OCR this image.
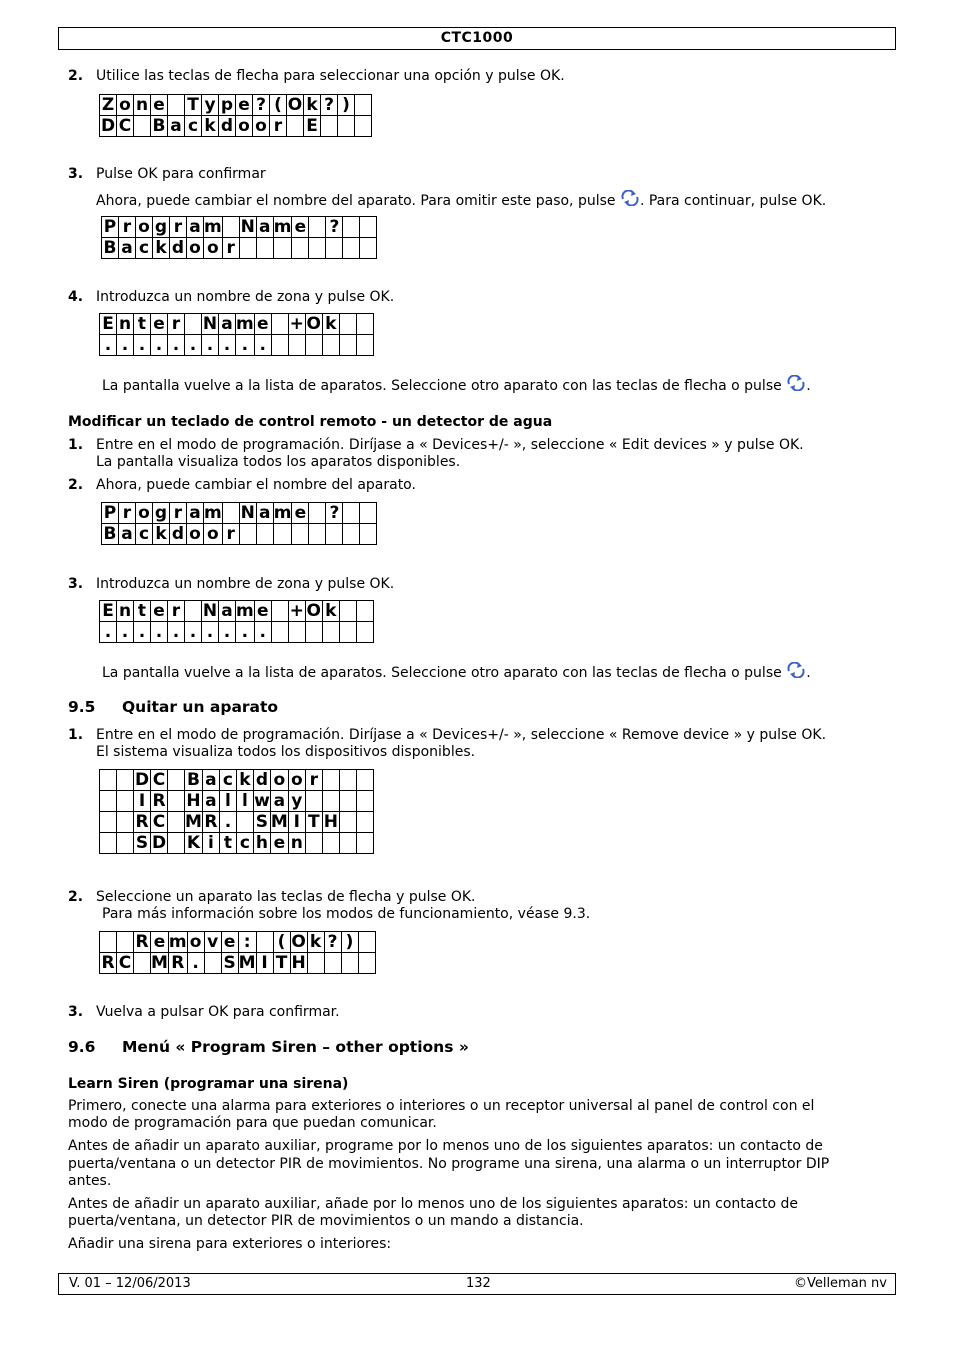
CTC1000
2. Utilice las teclas de flecha para seleccionar una opción y pulse OK.
Z	o	n	e		T	y	p	e	?	(	O	k	?	)	
D	C		B	a	c	k	d	o	o	r		E			
3. Pulse OK para confirmar
Ahora, puede cambiar el nombre del aparato. Para omitir este paso, pulse . Para continuar, pulse OK.
P	r	o	g	r	a	m		N	a	m	e		?		
B	a	c	k	d	o	o	r								
4. Introduzca un nombre de zona y pulse OK.
E	n	t	e	r		N	a	m	e		+	O	k		
.	.	.	.	.	.	.	.	.	.						
La pantalla vuelve a la lista de aparatos. Seleccione otro aparato con las teclas de flecha o pulse .
Modificar un teclado de control remoto - un detector de agua
1. Entre en el modo de programación. Diríjase a « Devices+/- », seleccione « Edit devices » y pulse OK.
La pantalla visualiza todos los aparatos disponibles.
2. Ahora, puede cambiar el nombre del aparato.
P	r	o	g	r	a	m		N	a	m	e		?		
B	a	c	k	d	o	o	r								
3. Introduzca un nombre de zona y pulse OK.
E	n	t	e	r		N	a	m	e		+	O	k		
.	.	.	.	.	.	.	.	.	.						
La pantalla vuelve a la lista de aparatos. Seleccione otro aparato con las teclas de flecha o pulse .
9.5 Quitar un aparato
1. Entre en el modo de programación. Diríjase a « Devices+/- », seleccione « Remove device » y pulse OK.
El sistema visualiza todos los dispositivos disponibles.
		D	C		B	a	c	k	d	o	o	r			
		I	R		H	a	l	l	w	a	y				
		R	C		M	R	.		S	M	I	T	H		
		S	D		K	i	t	c	h	e	n				
2. Seleccione un aparato las teclas de flecha y pulse OK.
Para más información sobre los modos de funcionamiento, véase 9.3.
		R	e	m	o	v	e	:		(	O	k	?	)	
R	C		M	R	.		S	M	I	T	H				
3. Vuelva a pulsar OK para confirmar.
9.6 Menú « Program Siren – other options »
Learn Siren (programar una sirena)
Primero, conecte una alarma para exteriores o interiores o un receptor universal al panel de control con el
modo de programación para que puedan comunicar.
Antes de añadir un aparato auxiliar, programe por lo menos uno de los siguientes aparatos: un contacto de
puerta/ventana o un detector PIR de movimientos. No programe una sirena, una alarma o un interruptor DIP
antes.
Antes de añadir un aparato auxiliar, añade por lo menos uno de los siguientes aparatos: un contacto de
puerta/ventana, un detector PIR de movimientos o un mando a distancia.
Añadir una sirena para exteriores o interiores:
V. 01 – 12/06/2013	132	©Velleman nv
